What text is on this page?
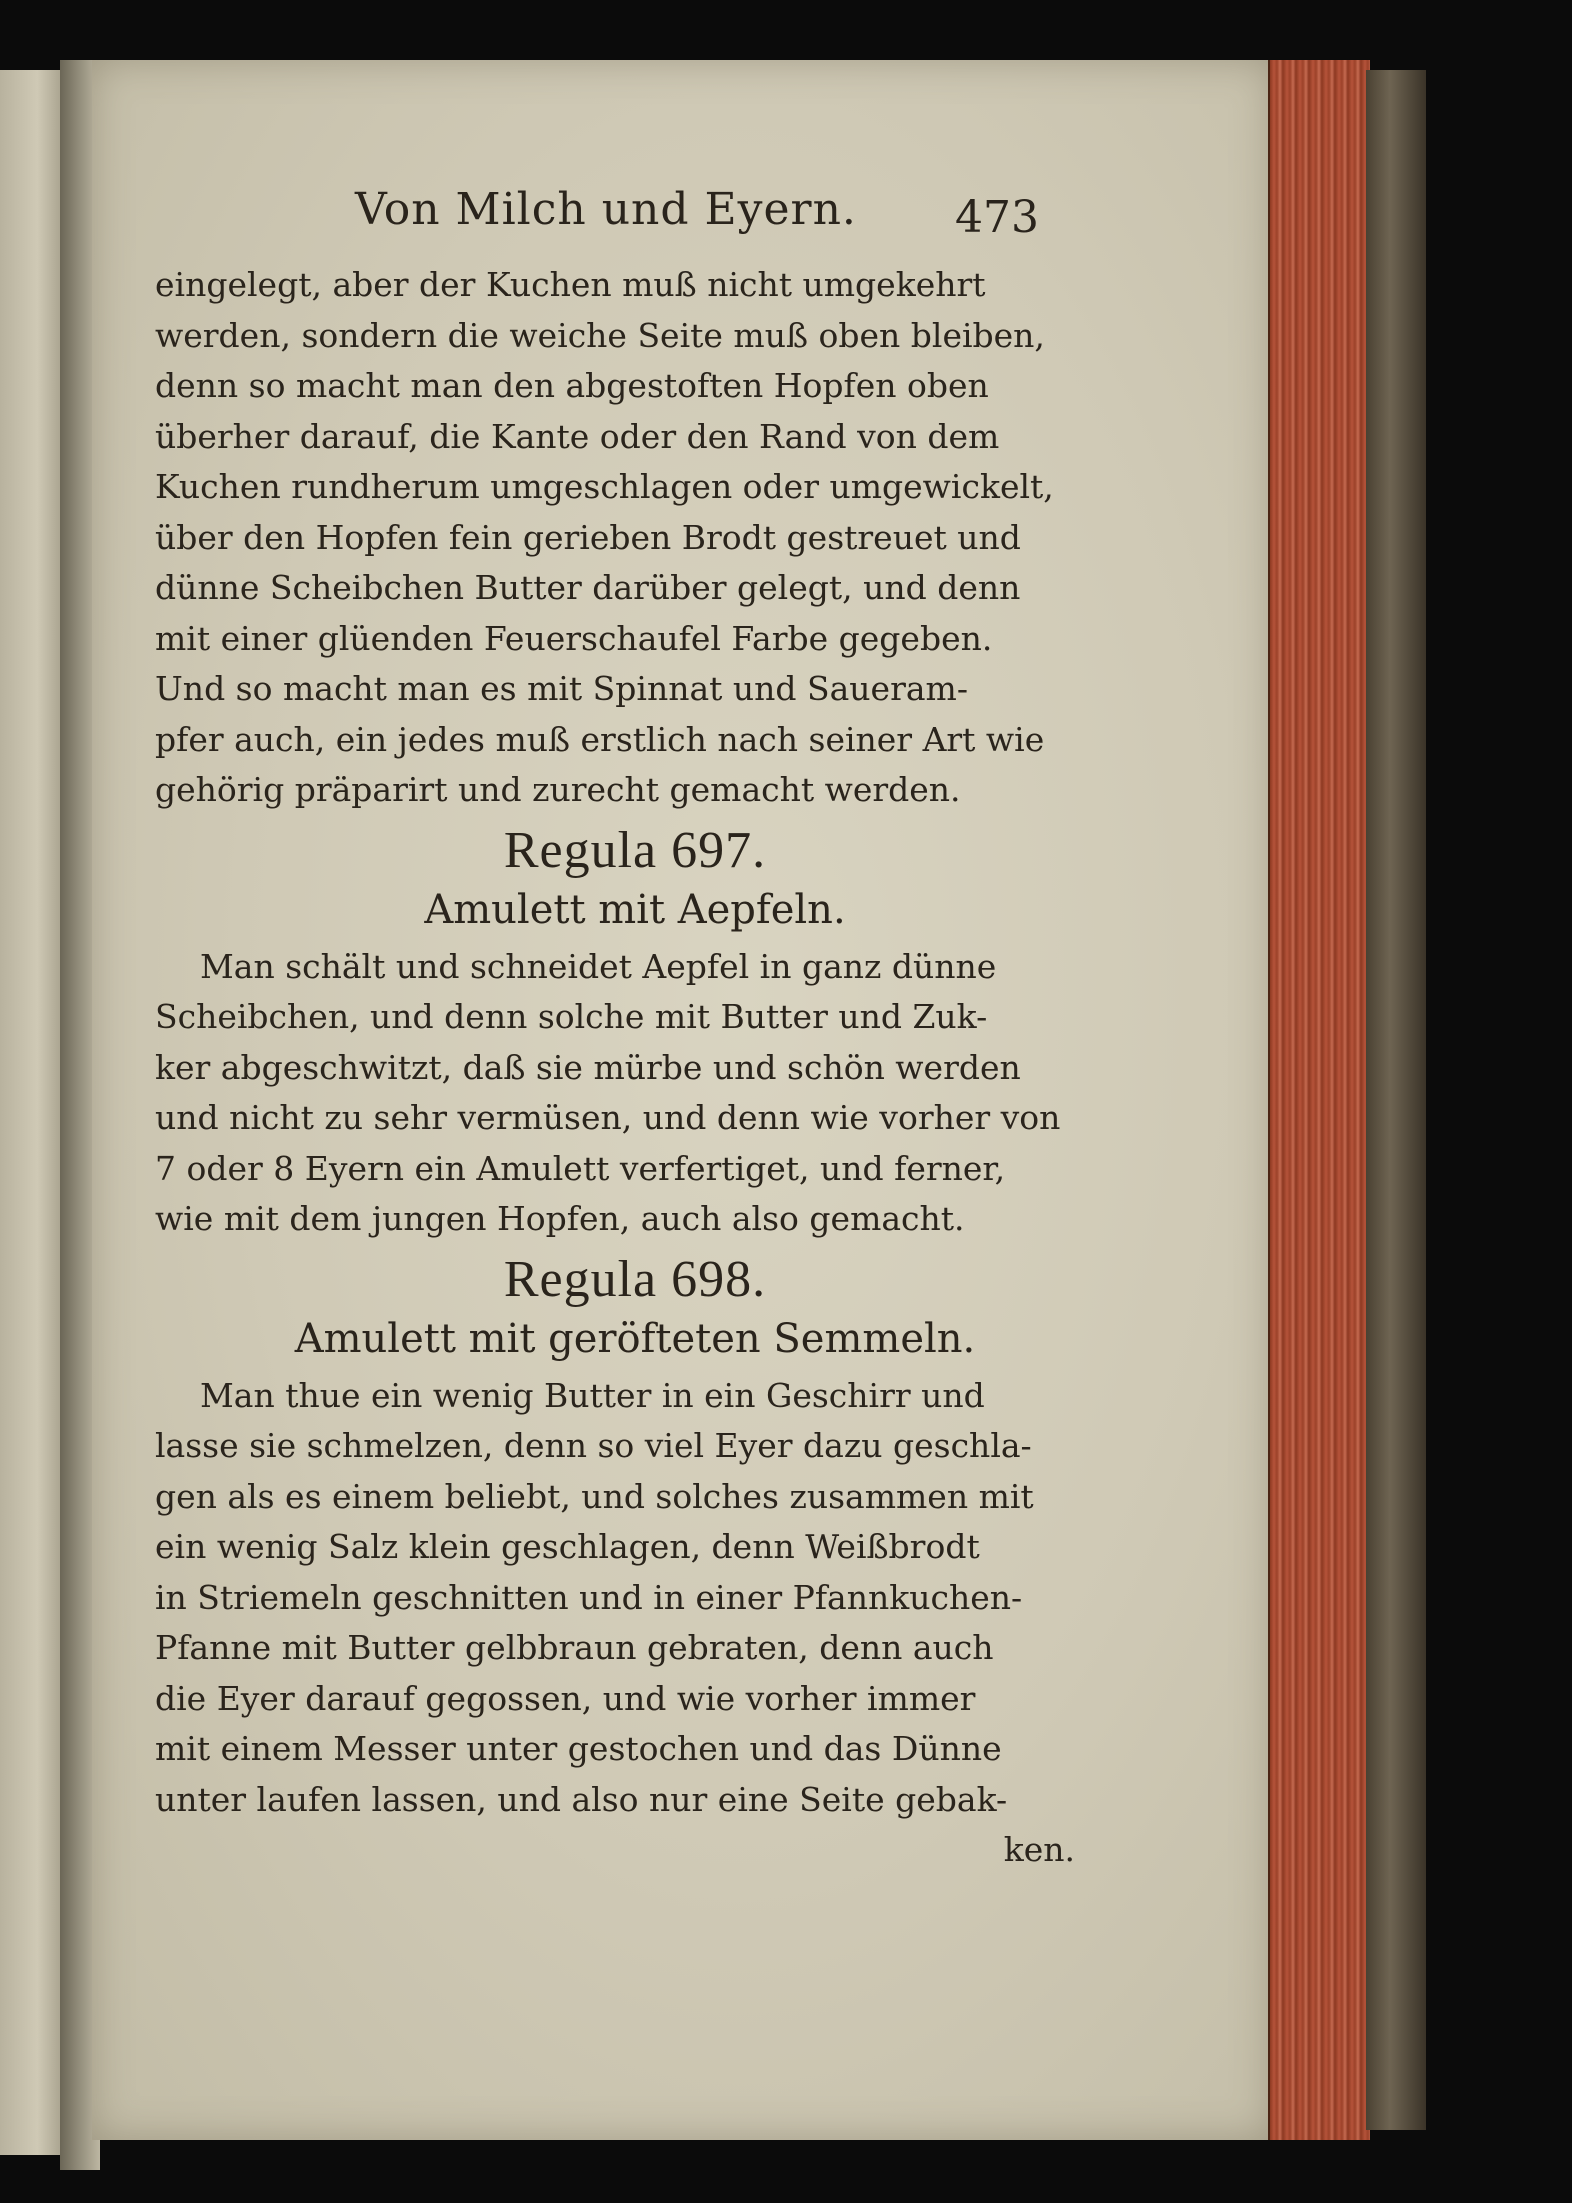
Von Milch und Eyern. 473

eingelegt, aber der Kuchen muß nicht umgekehrt
werden, sondern die weiche Seite muß oben bleiben,
denn so macht man den abgestoften Hopfen oben
überher darauf, die Kante oder den Rand von dem
Kuchen rundherum umgeschlagen oder umgewickelt,
über den Hopfen fein gerieben Brodt gestreuet und
dünne Scheibchen Butter darüber gelegt, und denn
mit einer glüenden Feuerschaufel Farbe gegeben.
Und so macht man es mit Spinnat und Saueram-
pfer auch, ein jedes muß erstlich nach seiner Art wie
gehörig präparirt und zurecht gemacht werden.

Regula 697.
Amulett mit Aepfeln.

Man schält und schneidet Aepfel in ganz dünne
Scheibchen, und denn solche mit Butter und Zuk-
ker abgeschwitzt, daß sie mürbe und schön werden
und nicht zu sehr vermüsen, und denn wie vorher von
7 oder 8 Eyern ein Amulett verfertiget, und ferner,
wie mit dem jungen Hopfen, auch also gemacht.

Regula 698.
Amulett mit geröfteten Semmeln.

Man thue ein wenig Butter in ein Geschirr und
lasse sie schmelzen, denn so viel Eyer dazu geschla-
gen als es einem beliebt, und solches zusammen mit
ein wenig Salz klein geschlagen, denn Weißbrodt
in Striemeln geschnitten und in einer Pfannkuchen-
Pfanne mit Butter gelbbraun gebraten, denn auch
die Eyer darauf gegossen, und wie vorher immer
mit einem Messer unter gestochen und das Dünne
unter laufen lassen, und also nur eine Seite gebak-
ken.
